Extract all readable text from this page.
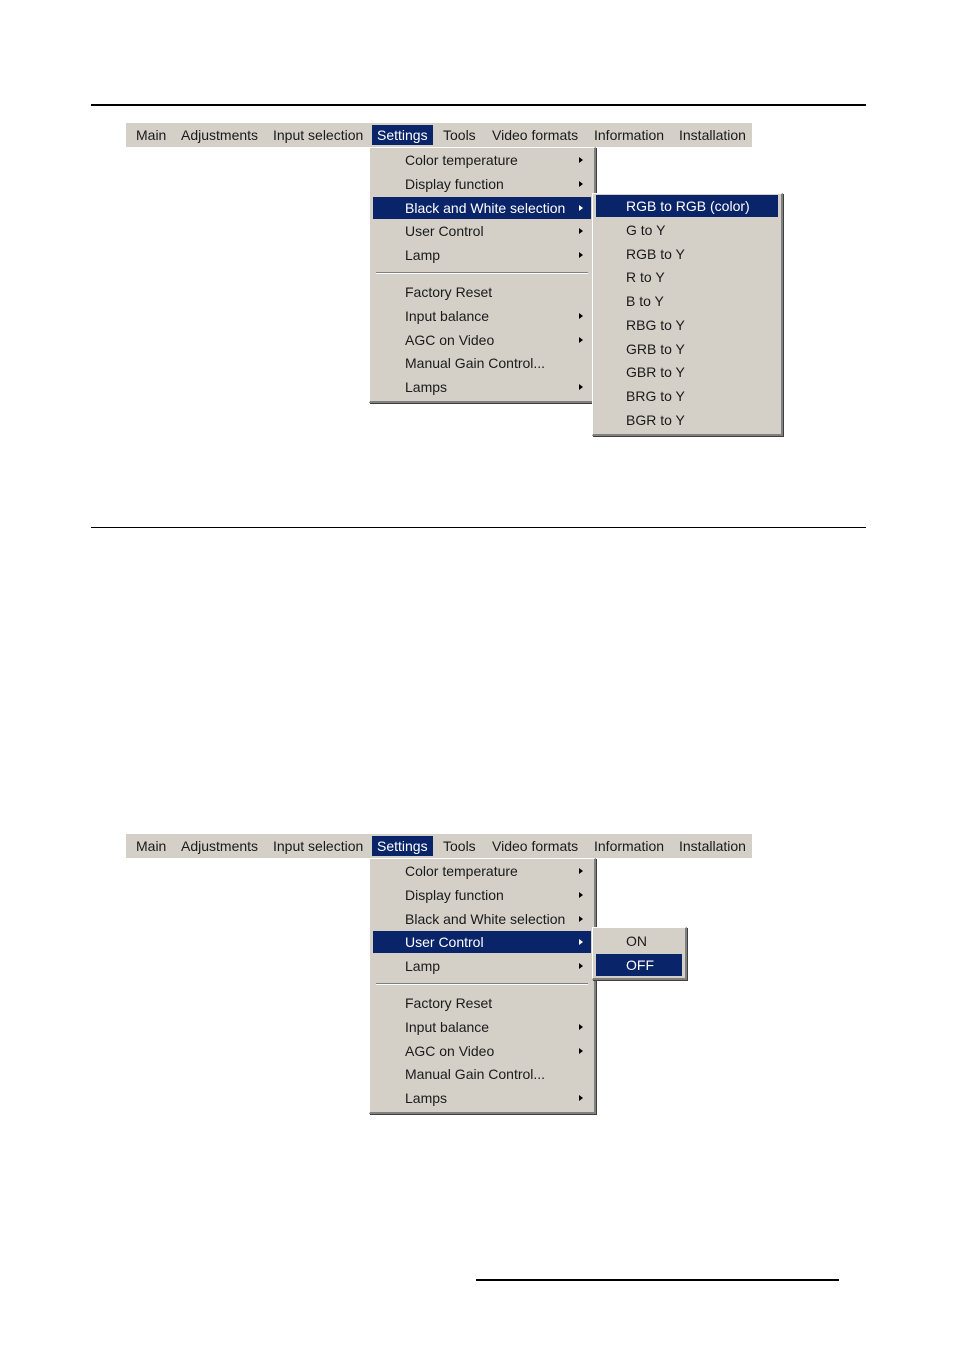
Main	Adjustments	Input selection Settings	Tools	Video formats	Information	Installation
Color temperature
Display function
Black and White selection
User Control
Lamp
Factory Reset
Input balance
AGC on Video
Manual Gain Control...
Lamps
RGB to RGB (color)
G to Y
RGB to Y
R to Y
B to Y
RBG to Y
GRB to Y
GBR to Y
BRG to Y
BGR to Y
Main	Adjustments	Input selection Settings	Tools	Video formats	Information	Installation
Color temperature
Display function
Black and White selection
User Control
Lamp
Factory Reset
Input balance
AGC on Video
Manual Gain Control...
Lamps
ON
OFF
